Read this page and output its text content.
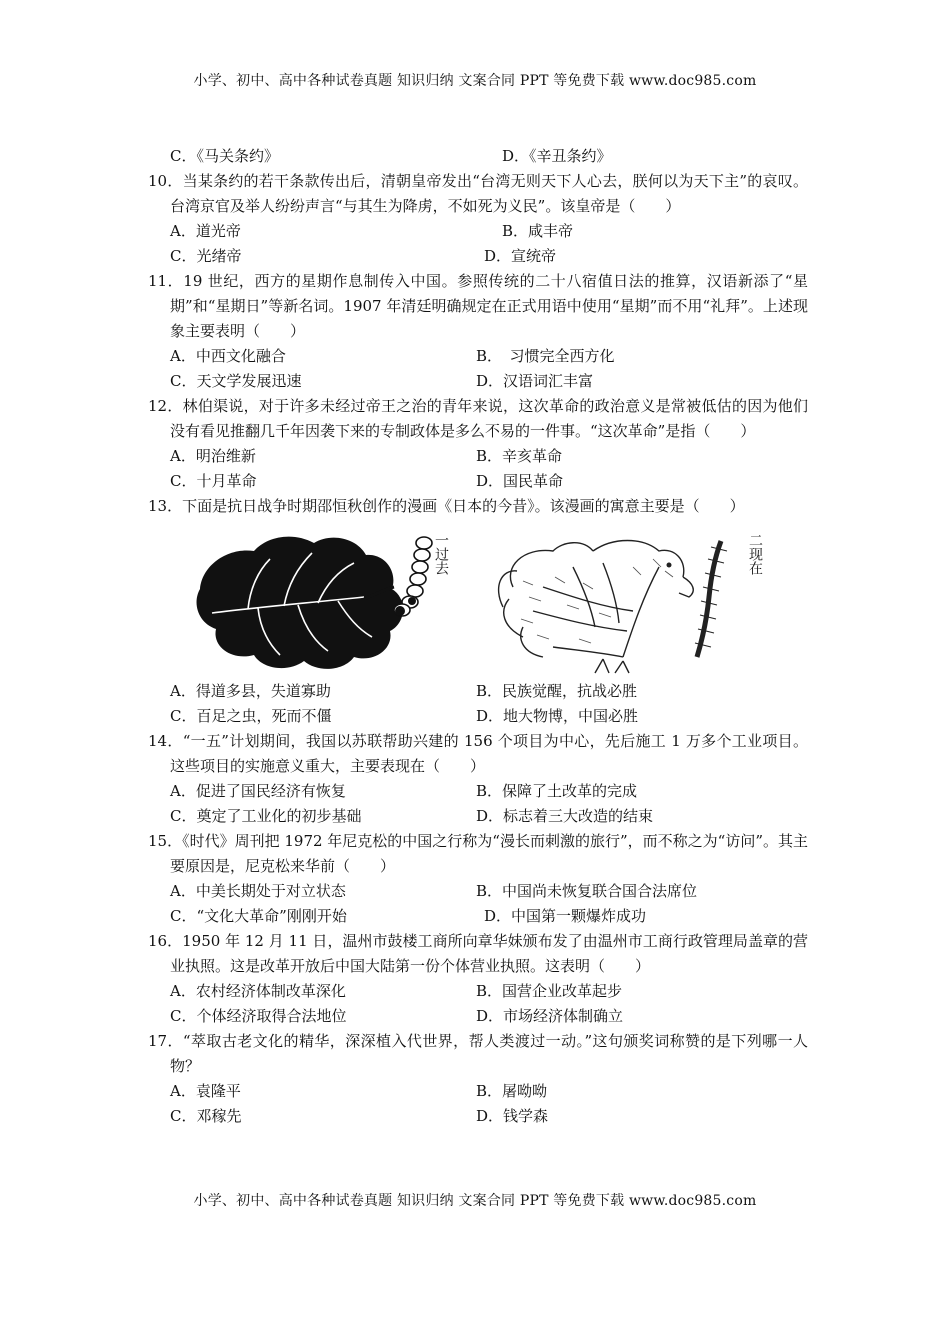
小学、初中、高中各种试卷真题 知识归纳 文案合同 PPT 等免费下载 www.doc985.com
C．《马关条约》	D．《辛丑条约》
10．当某条约的若干条款传出后，清朝皇帝发出“台湾无则天下人心去，朕何以为天下主”的哀叹。台湾京官及举人纷纷声言“与其生为降虏，不如死为义民”。该皇帝是（　　）
A．道光帝	B．咸丰帝
C．光绪帝	D．宣统帝
11．19 世纪，西方的星期作息制传入中国。参照传统的二十八宿值日法的推算，汉语新添了“星期”和“星期日”等新名词。1907 年清廷明确规定在正式用语中使用“星期”而不用“礼拜”。上述现象主要表明（　　）
A．中西文化融合	B．　习惯完全西方化
C．天文学发展迅速	D．汉语词汇丰富
12．林伯渠说，对于许多未经过帝王之治的青年来说，这次革命的政治意义是常被低估的因为他们没有看见推翻几千年因袭下来的专制政体是多么不易的一件事。“这次革命”是指（　　）
A．明治维新	B．辛亥革命
C．十月革命	D．国民革命
13．下面是抗日战争时期邵恒秋创作的漫画《日本的今昔》。该漫画的寓意主要是（　　）
一过去	二现在
A．得道多县，失道寡助	B．民族觉醒，抗战必胜
C．百足之虫，死而不僵	D．地大物博，中国必胜
14．“一五”计划期间，我国以苏联帮助兴建的 156 个项目为中心，先后施工 1 万多个工业项目。这些项目的实施意义重大，主要表现在（　　）
A．促进了国民经济有恢复	B．保障了土改革的完成
C．奠定了工业化的初步基础	D．标志着三大改造的结束
15．《时代》周刊把 1972 年尼克松的中国之行称为“漫长而刺激的旅行”，而不称之为“访问”。其主要原因是，尼克松来华前（　　）
A．中美长期处于对立状态	B．中国尚未恢复联合国合法席位
C．“文化大革命”刚刚开始	D．中国第一颗爆炸成功
16．1950 年 12 月 11 日，温州市鼓楼工商所向章华妹颁布发了由温州市工商行政管理局盖章的营业执照。这是改革开放后中国大陆第一份个体营业执照。这表明（　　）
A．农村经济体制改革深化	B．国营企业改革起步
C．个体经济取得合法地位	D．市场经济体制确立
17．“萃取古老文化的精华，深深植入代世界，帮人类渡过一动。”这句颁奖词称赞的是下列哪一人物？
A．袁隆平	B．屠呦呦
C．邓稼先	D．钱学森
小学、初中、高中各种试卷真题 知识归纳 文案合同 PPT 等免费下载 www.doc985.com
